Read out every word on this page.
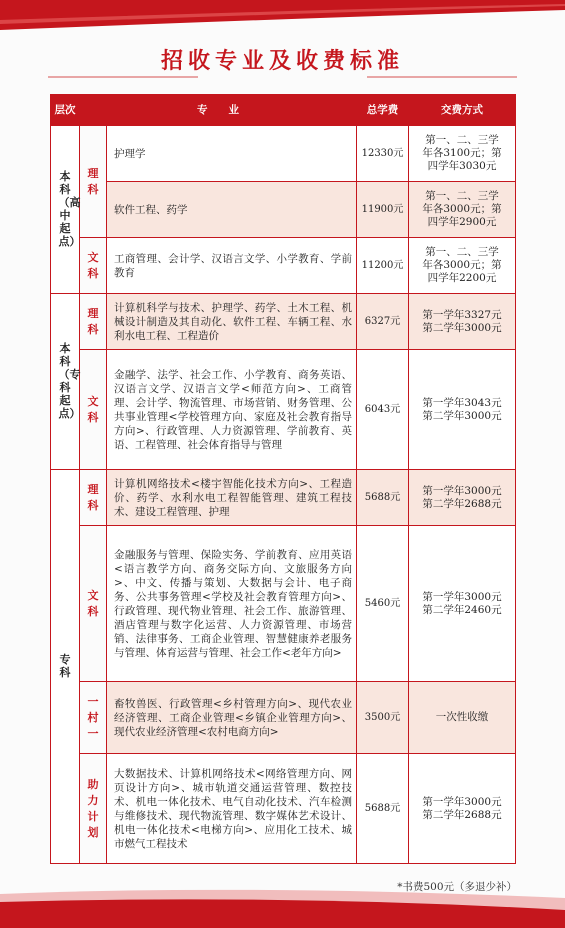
招收专业及收费标准
层次	专　　业		总学费	交费方式
本科（高中起点）	理科	护理学	12330元	第一、二、三学
年各3100元；第
四学年3030元
		软件工程、药学	11900元	第一、二、三学
年各3000元；第
四学年2900元
	文科	工商管理、会计学、汉语言文学、小学教育、学前教育	11200元	第一、二、三学
年各3000元；第
四学年2200元
本科（专科起点）	理科	计算机科学与技术、护理学、药学、土木工程、机械设计制造及其自动化、软件工程、车辆工程、水利水电工程、工程造价	6327元	第一学年3327元
第二学年3000元
	文科	金融学、法学、社会工作、小学教育、商务英语、汉语言文学、汉语言文学<师范方向>、工商管理、会计学、物流管理、市场营销、财务管理、公共事业管理<学校管理方向、家庭及社会教育指导方向>、行政管理、人力资源管理、学前教育、英语、工程管理、社会体育指导与管理	6043元	第一学年3043元
第二学年3000元
专科	理科	计算机网络技术<楼宇智能化技术方向>、工程造价、药学、水利水电工程智能管理、建筑工程技术、建设工程管理、护理	5688元	第一学年3000元
第二学年2688元
	文科	金融服务与管理、保险实务、学前教育、应用英语<语言教学方向、商务交际方向、文旅服务方向>、中文、传播与策划、大数据与会计、电子商务、公共事务管理<学校及社会教育管理方向>、行政管理、现代物业管理、社会工作、旅游管理、酒店管理与数字化运营、人力资源管理、市场营销、法律事务、工商企业管理、智慧健康养老服务与管理、体育运营与管理、社会工作<老年方向>	5460元	第一学年3000元
第二学年2460元
	一村一	畜牧兽医、行政管理<乡村管理方向>、现代农业经济管理、工商企业管理<乡镇企业管理方向>、现代农业经济管理<农村电商方向>	3500元	一次性收缴
	助力计划	大数据技术、计算机网络技术<网络管理方向、网页设计方向>、城市轨道交通运营管理、数控技术、机电一体化技术、电气自动化技术、汽车检测与维修技术、现代物流管理、数字媒体艺术设计、机电一体化技术<电梯方向>、应用化工技术、城市燃气工程技术	5688元	第一学年3000元
第二学年2688元
*书费500元（多退少补）
